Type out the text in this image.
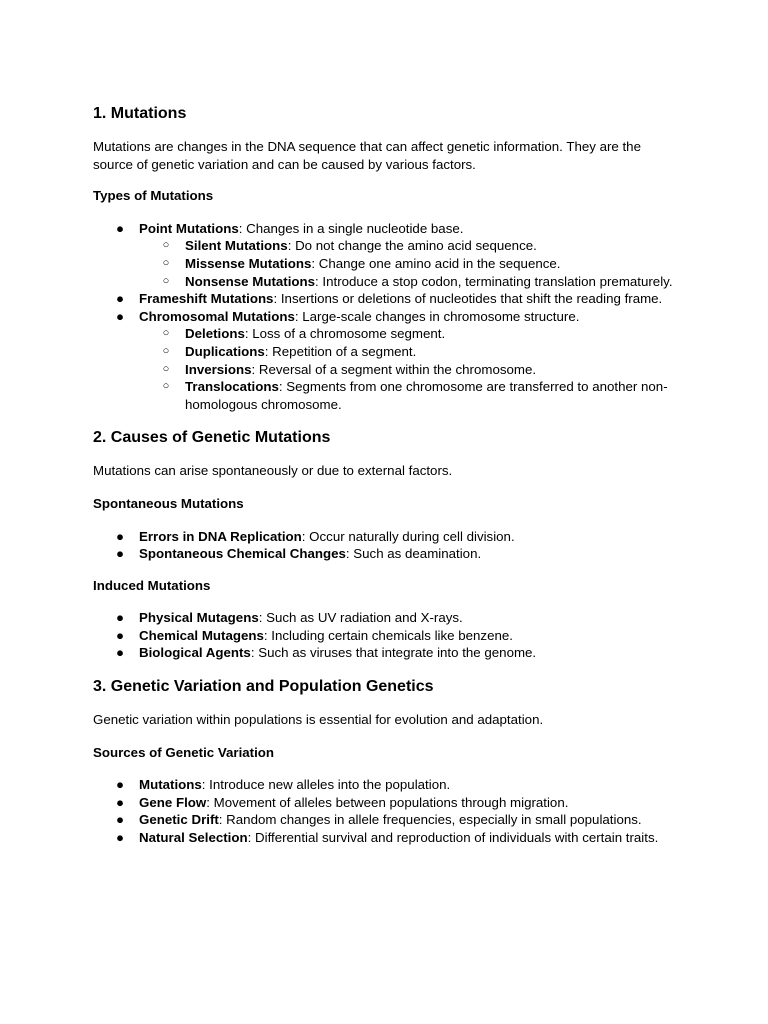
1. Mutations

Mutations are changes in the DNA sequence that can affect genetic information. They are the source of genetic variation and can be caused by various factors.

Types of Mutations

● Point Mutations: Changes in a single nucleotide base.
○ Silent Mutations: Do not change the amino acid sequence.
○ Missense Mutations: Change one amino acid in the sequence.
○ Nonsense Mutations: Introduce a stop codon, terminating translation prematurely.
● Frameshift Mutations: Insertions or deletions of nucleotides that shift the reading frame.
● Chromosomal Mutations: Large-scale changes in chromosome structure.
○ Deletions: Loss of a chromosome segment.
○ Duplications: Repetition of a segment.
○ Inversions: Reversal of a segment within the chromosome.
○ Translocations: Segments from one chromosome are transferred to another non-homologous chromosome.
2. Causes of Genetic Mutations

Mutations can arise spontaneously or due to external factors.

Spontaneous Mutations

● Errors in DNA Replication: Occur naturally during cell division.
● Spontaneous Chemical Changes: Such as deamination.

Induced Mutations

● Physical Mutagens: Such as UV radiation and X-rays.
● Chemical Mutagens: Including certain chemicals like benzene.
● Biological Agents: Such as viruses that integrate into the genome.
3. Genetic Variation and Population Genetics

Genetic variation within populations is essential for evolution and adaptation.

Sources of Genetic Variation

● Mutations: Introduce new alleles into the population.
● Gene Flow: Movement of alleles between populations through migration.
● Genetic Drift: Random changes in allele frequencies, especially in small populations.
● Natural Selection: Differential survival and reproduction of individuals with certain traits.
